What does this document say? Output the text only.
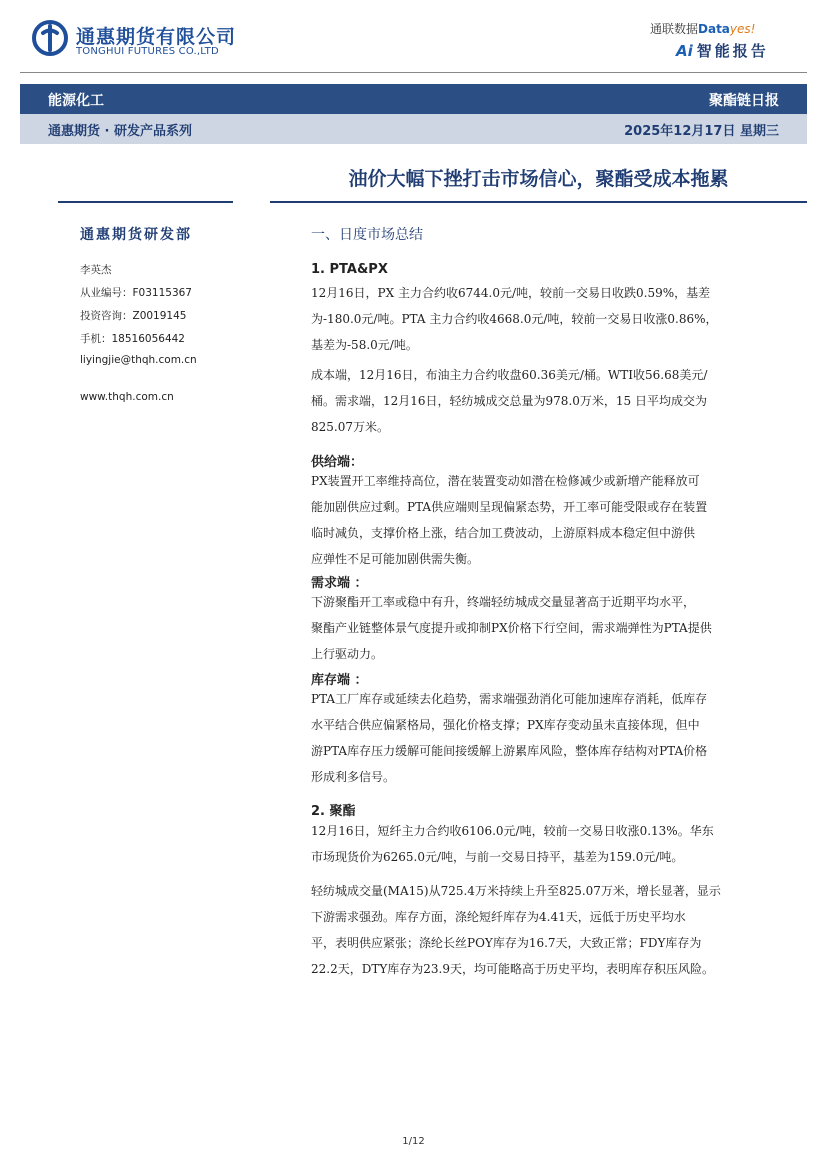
通惠期货有限公司
TONGHUI FUTURES CO.,LTD
通联数据Datayes!
Ai 智能报告
能源化工	聚酯链日报
通惠期货 · 研发产品系列	2025年12月17日 星期三
油价大幅下挫打击市场信心，聚酯受成本拖累
通惠期货研发部
李英杰
从业编号：F03115367
投资咨询：Z0019145
手机：18516056442
liyingjie@thqh.com.cn
www.thqh.com.cn
一、日度市场总结
1. PTA&PX

12月16日，PX 主力合约收6744.0元/吨，较前一交易日收跌0.59%，基差

为-180.0元/吨。PTA 主力合约收4668.0元/吨，较前一交易日收涨0.86%，

基差为-58.0元/吨。

成本端，12月16日，布油主力合约收盘60.36美元/桶。WTI收56.68美元/

桶。需求端，12月16日，轻纺城成交总量为978.0万米，15 日平均成交为

825.07万米。

供给端：

PX装置开工率维持高位，潜在装置变动如潜在检修减少或新增产能释放可

能加剧供应过剩。PTA供应端则呈现偏紧态势，开工率可能受限或存在装置

临时减负，支撑价格上涨，结合加工费波动，上游原料成本稳定但中游供

应弹性不足可能加剧供需失衡。

需求端 ：

下游聚酯开工率或稳中有升，终端轻纺城成交量显著高于近期平均水平，

聚酯产业链整体景气度提升或抑制PX价格下行空间，需求端弹性为PTA提供

上行驱动力。

库存端 ：

PTA工厂库存或延续去化趋势，需求端强劲消化可能加速库存消耗，低库存

水平结合供应偏紧格局，强化价格支撑；PX库存变动虽未直接体现，但中

游PTA库存压力缓解可能间接缓解上游累库风险，整体库存结构对PTA价格

形成利多信号。

2. 聚酯

12月16日，短纤主力合约收6106.0元/吨，较前一交易日收涨0.13%。华东

市场现货价为6265.0元/吨，与前一交易日持平，基差为159.0元/吨。

轻纺城成交量(MA15)从725.4万米持续上升至825.07万米，增长显著，显示

下游需求强劲。库存方面，涤纶短纤库存为4.41天，远低于历史平均水

平，表明供应紧张；涤纶长丝POY库存为16.7天，大致正常；FDY库存为

22.2天，DTY库存为23.9天，均可能略高于历史平均，表明库存积压风险。

1/12
